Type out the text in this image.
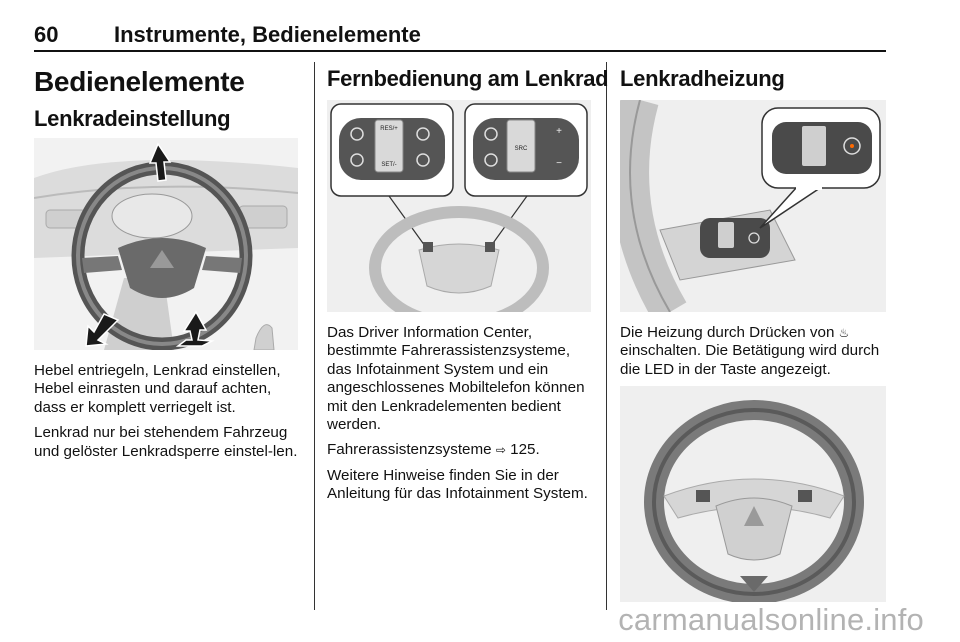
60	Instrumente, Bedienelemente
Bedienelemente
Lenkradeinstellung

Hebel entriegeln, Lenkrad einstellen, Hebel einrasten und darauf achten, dass er komplett verriegelt ist.

Lenkrad nur bei stehendem Fahrzeug und gelöster Lenkradsperre einstel-len.

Fernbedienung am Lenkrad
RES/+
SET/-
SRC
+
−

Das Driver Information Center, bestimmte Fahrerassistenzsysteme, das Infotainment System und ein angeschlossenes Mobiltelefon können mit den Lenkradelementen bedient werden.

Fahrerassistenzsysteme ⇨ 125.

Weitere Hinweise finden Sie in der Anleitung für das Infotainment System.

Lenkradheizung

Die Heizung durch Drücken von ♨ einschalten. Die Betätigung wird durch die LED in der Taste angezeigt.

carmanualsonline.info
